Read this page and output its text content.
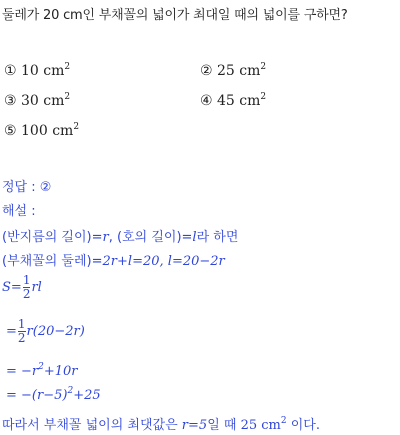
둘레가 20 cm인 부채꼴의 넓이가 최대일 때의 넓이를 구하면?
① 10 $cm^2$	② 25 $cm^2$
③ 30 $cm^2$	④ 45 $cm^2$
⑤ 100 $cm^2$
정답 : ②
해설 :
(반지름의 길이)=r, (호의 길이)=l라 하면
(부채꼴의 둘레)=2r+l=20, l=20−2r
$S= \frac{1}{2}$ rl
= $\frac{1}{2} r(20-2r)$
= $-r^2+10r$
= $-(r-5)^2+25$
따라서 부채꼴 넓이의 최댓값은 r=5일 때 25 $cm^2$ 이다.
